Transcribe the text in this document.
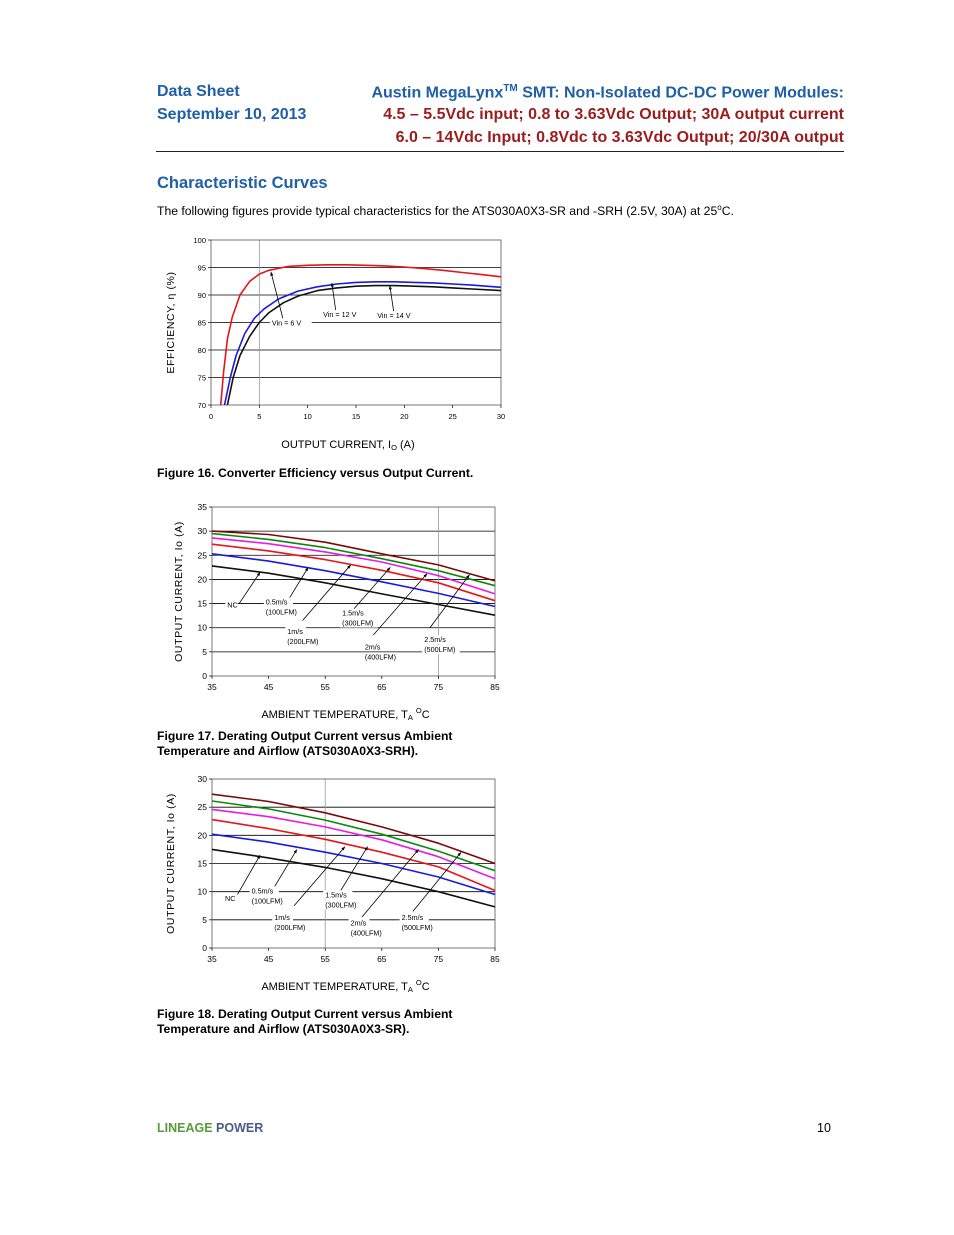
Data Sheet
September 10, 2013
Austin MegaLynx™ SMT: Non-Isolated DC-DC Power Modules:
4.5 – 5.5Vdc input; 0.8 to 3.63Vdc Output; 30A output current
6.0 – 14Vdc Input; 0.8Vdc to 3.63Vdc Output; 20/30A output
Characteristic Curves
The following figures provide typical characteristics for the ATS030A0X3-SR and -SRH (2.5V, 30A) at 25$^o$C.
70
75
80
85
90
95
100
0	5	10	15	20	25	30
Vin = 6 V
Vin = 12 V	Vin = 14 V
OUTPUT CURRENT, IO (A)
EFFICIENCY, η (%)
Figure 16. Converter Efficiency versus Output Current.
0
5
10
15
20
25
30
35
35	45	55	65	75	85
NC	0.5m/s
(100LFM)
1m/s
(200LFM)
1.5m/s
(300LFM)
2m/s
(400LFM)
2.5m/s
(500LFM)
AMBIENT TEMPERATURE, $TA^OC$
OUTPUT CURRENT, Io (A)
Figure 17. Derating Output Current versus Ambient
Temperature and Airflow (ATS030A0X3-SRH).
0
5
10
15
20
25
30
35	45	55	65	75	85
NC
0.5m/s
(100LFM)
1m/s
(200LFM)
1.5m/s
(300LFM)
2m/s
(400LFM)
2.5m/s
(500LFM)
AMBIENT TEMPERATURE, $TA^OC$
OUTPUT CURRENT, Io (A)
Figure 18. Derating Output Current versus Ambient
Temperature and Airflow (ATS030A0X3-SR).
LINEAGE POWER	10
